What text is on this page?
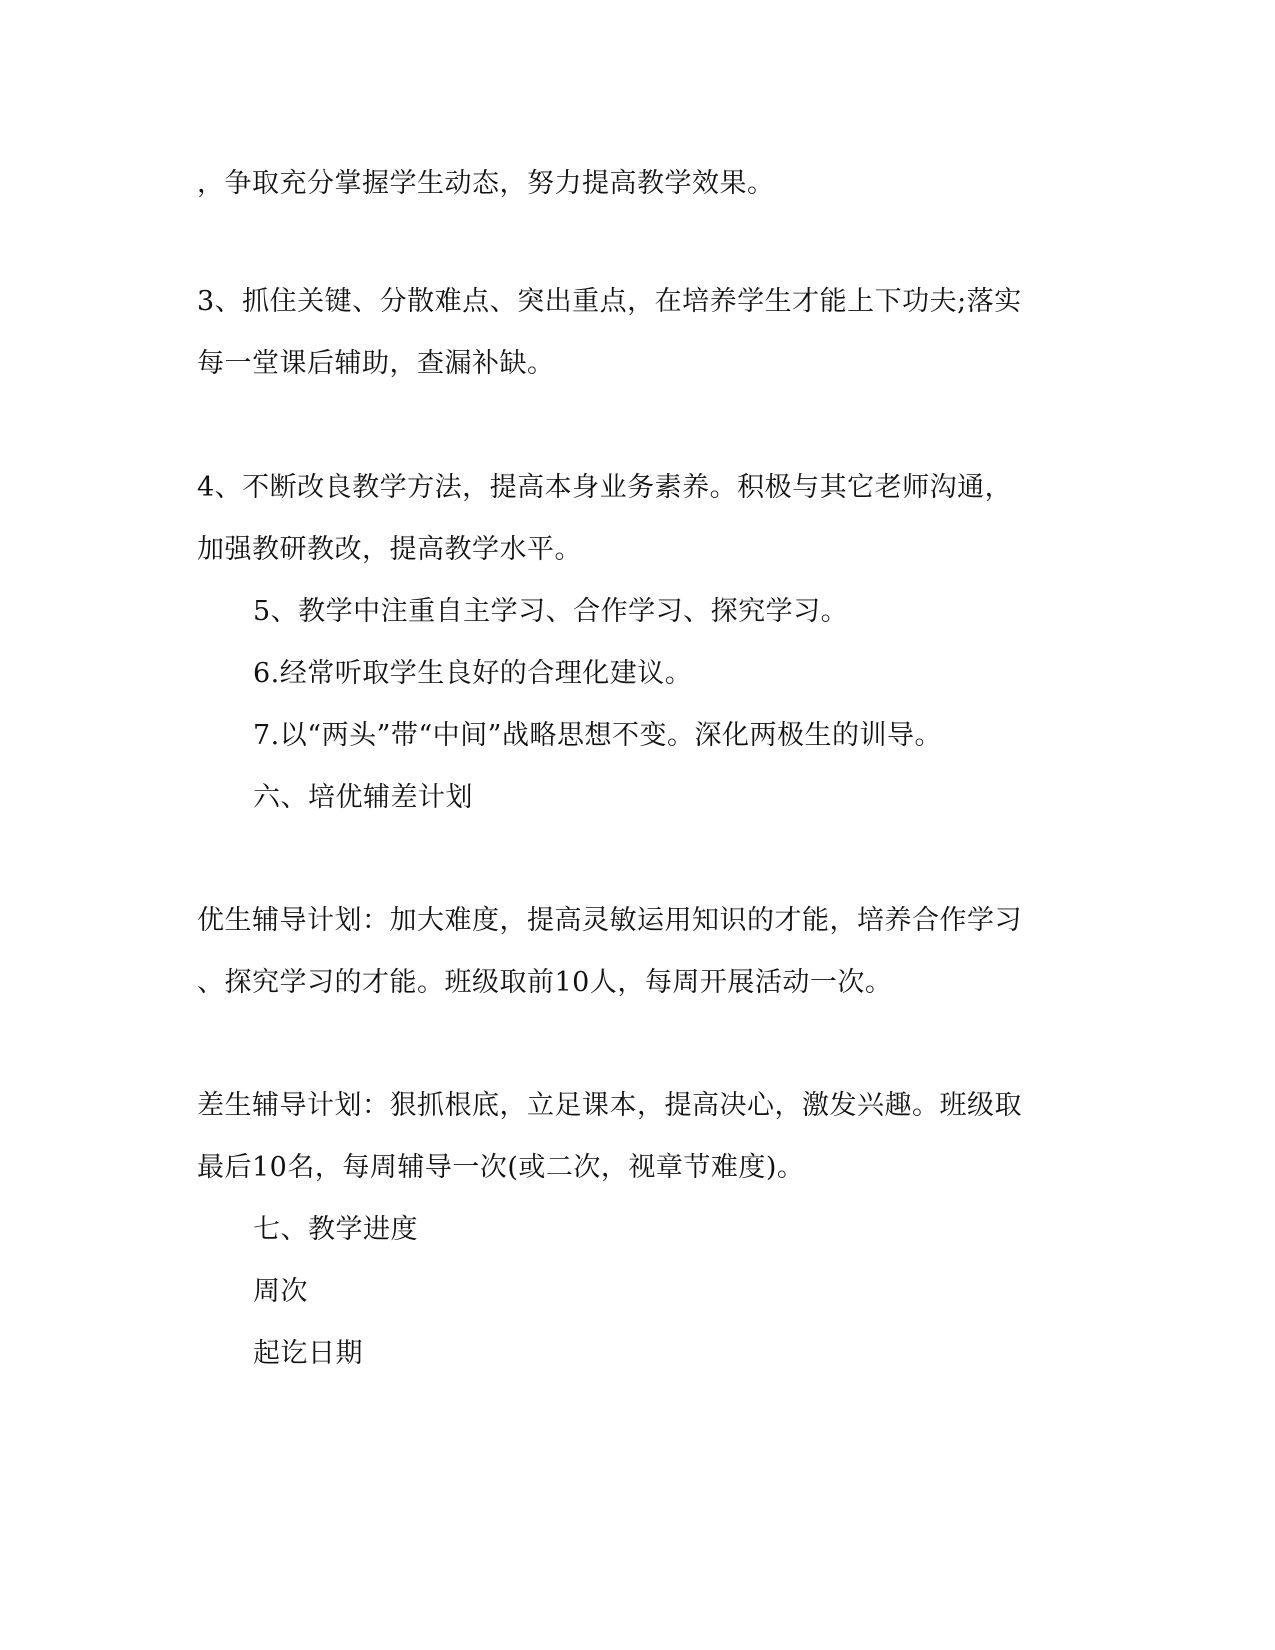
，争取充分掌握学生动态，努力提高教学效果。
3、抓住关键、分散难点、突出重点，在培养学生才能上下功夫;落实
每一堂课后辅助，查漏补缺。
4、不断改良教学方法，提高本身业务素养。积极与其它老师沟通，
加强教研教改，提高教学水平。
5、教学中注重自主学习、合作学习、探究学习。
6.经常听取学生良好的合理化建议。
7.以“两头”带“中间”战略思想不变。深化两极生的训导。
六、培优辅差计划
优生辅导计划：加大难度，提高灵敏运用知识的才能，培养合作学习
、探究学习的才能。班级取前10人，每周开展活动一次。
差生辅导计划：狠抓根底，立足课本，提高决心，激发兴趣。班级取
最后10名，每周辅导一次(或二次，视章节难度)。
七、教学进度
周次
起讫日期
